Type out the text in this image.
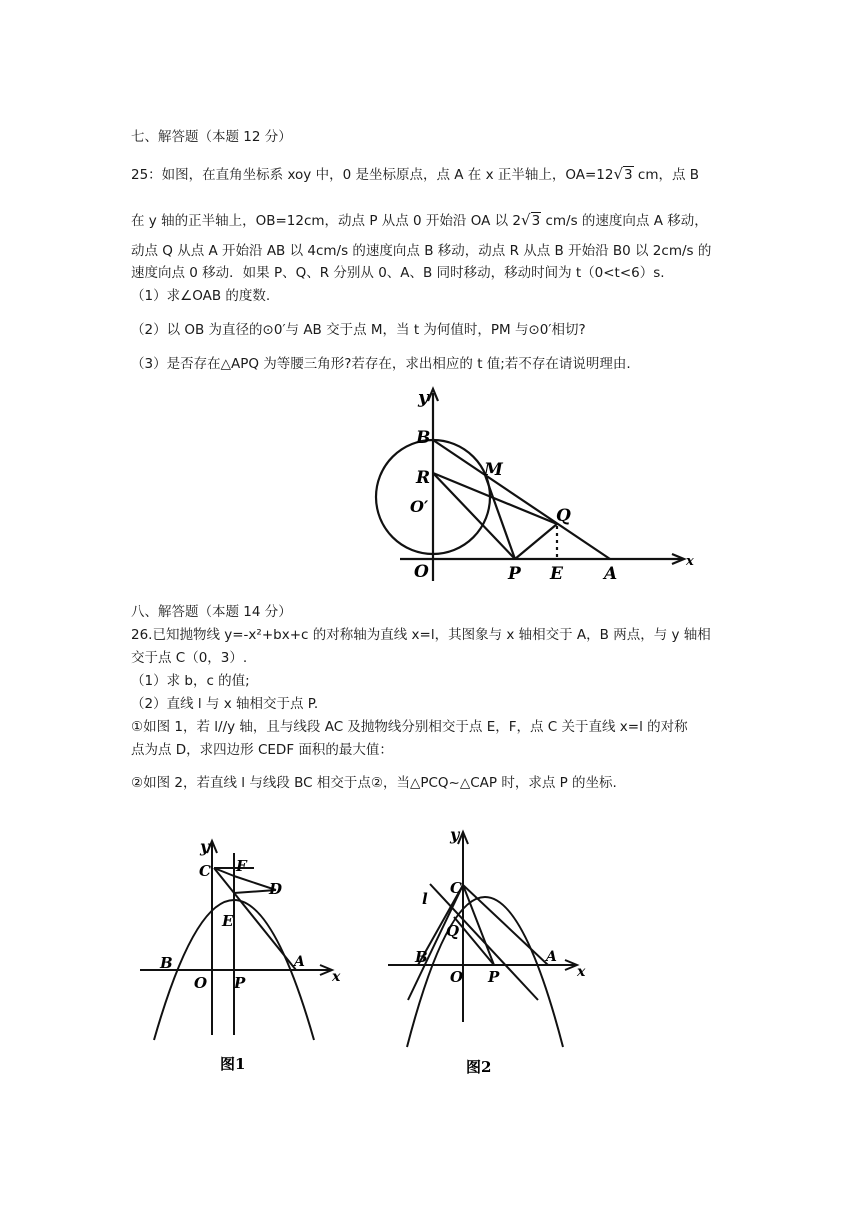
七、解答题（本题 12 分）
25：如图，在直角坐标系 xoy 中，0 是坐标原点，点 A 在 x 正半轴上，OA=12√3 cm，点 B
在 y 轴的正半轴上，OB=12cm，动点 P 从点 0 开始沿 OA 以 2√3 cm/s 的速度向点 A 移动，
动点 Q 从点 A 开始沿 AB 以 4cm/s 的速度向点 B 移动，动点 R 从点 B 开始沿 B0 以 2cm/s 的
速度向点 0 移动．如果 P、Q、R 分别从 0、A、B 同时移动，移动时间为 t（0<t<6）s.
（1）求∠OAB 的度数.
（2）以 OB 为直径的⊙0′与 AB 交于点 M，当 t 为何值时，PM 与⊙0′相切?
（3）是否存在△APQ 为等腰三角形?若存在，求出相应的 t 值;若不存在请说明理由.
y
B
R	M
O′	Q
O	P E A
x
八、解答题（本题 14 分）
26.已知抛物线 y=-x²+bx+c 的对称轴为直线 x=l，其图象与 x 轴相交于 A，B 两点，与 y 轴相
交于点 C（0，3）.
（1）求 b，c 的值;
（2）直线 l 与 x 轴相交于点 P.
①如图 1，若 l//y 轴，且与线段 AC 及抛物线分别相交于点 E，F，点 C 关于直线 x=l 的对称
点为点 D，求四边形 CEDF 面积的最大值：
②如图 2，若直线 l 与线段 BC 相交于点②，当△PCQ~△CAP 时，求点 P 的坐标.
y
F
C
D
E
B
O P
A
x
图1
y
C
l
Q
B
O P
A
x
图2
